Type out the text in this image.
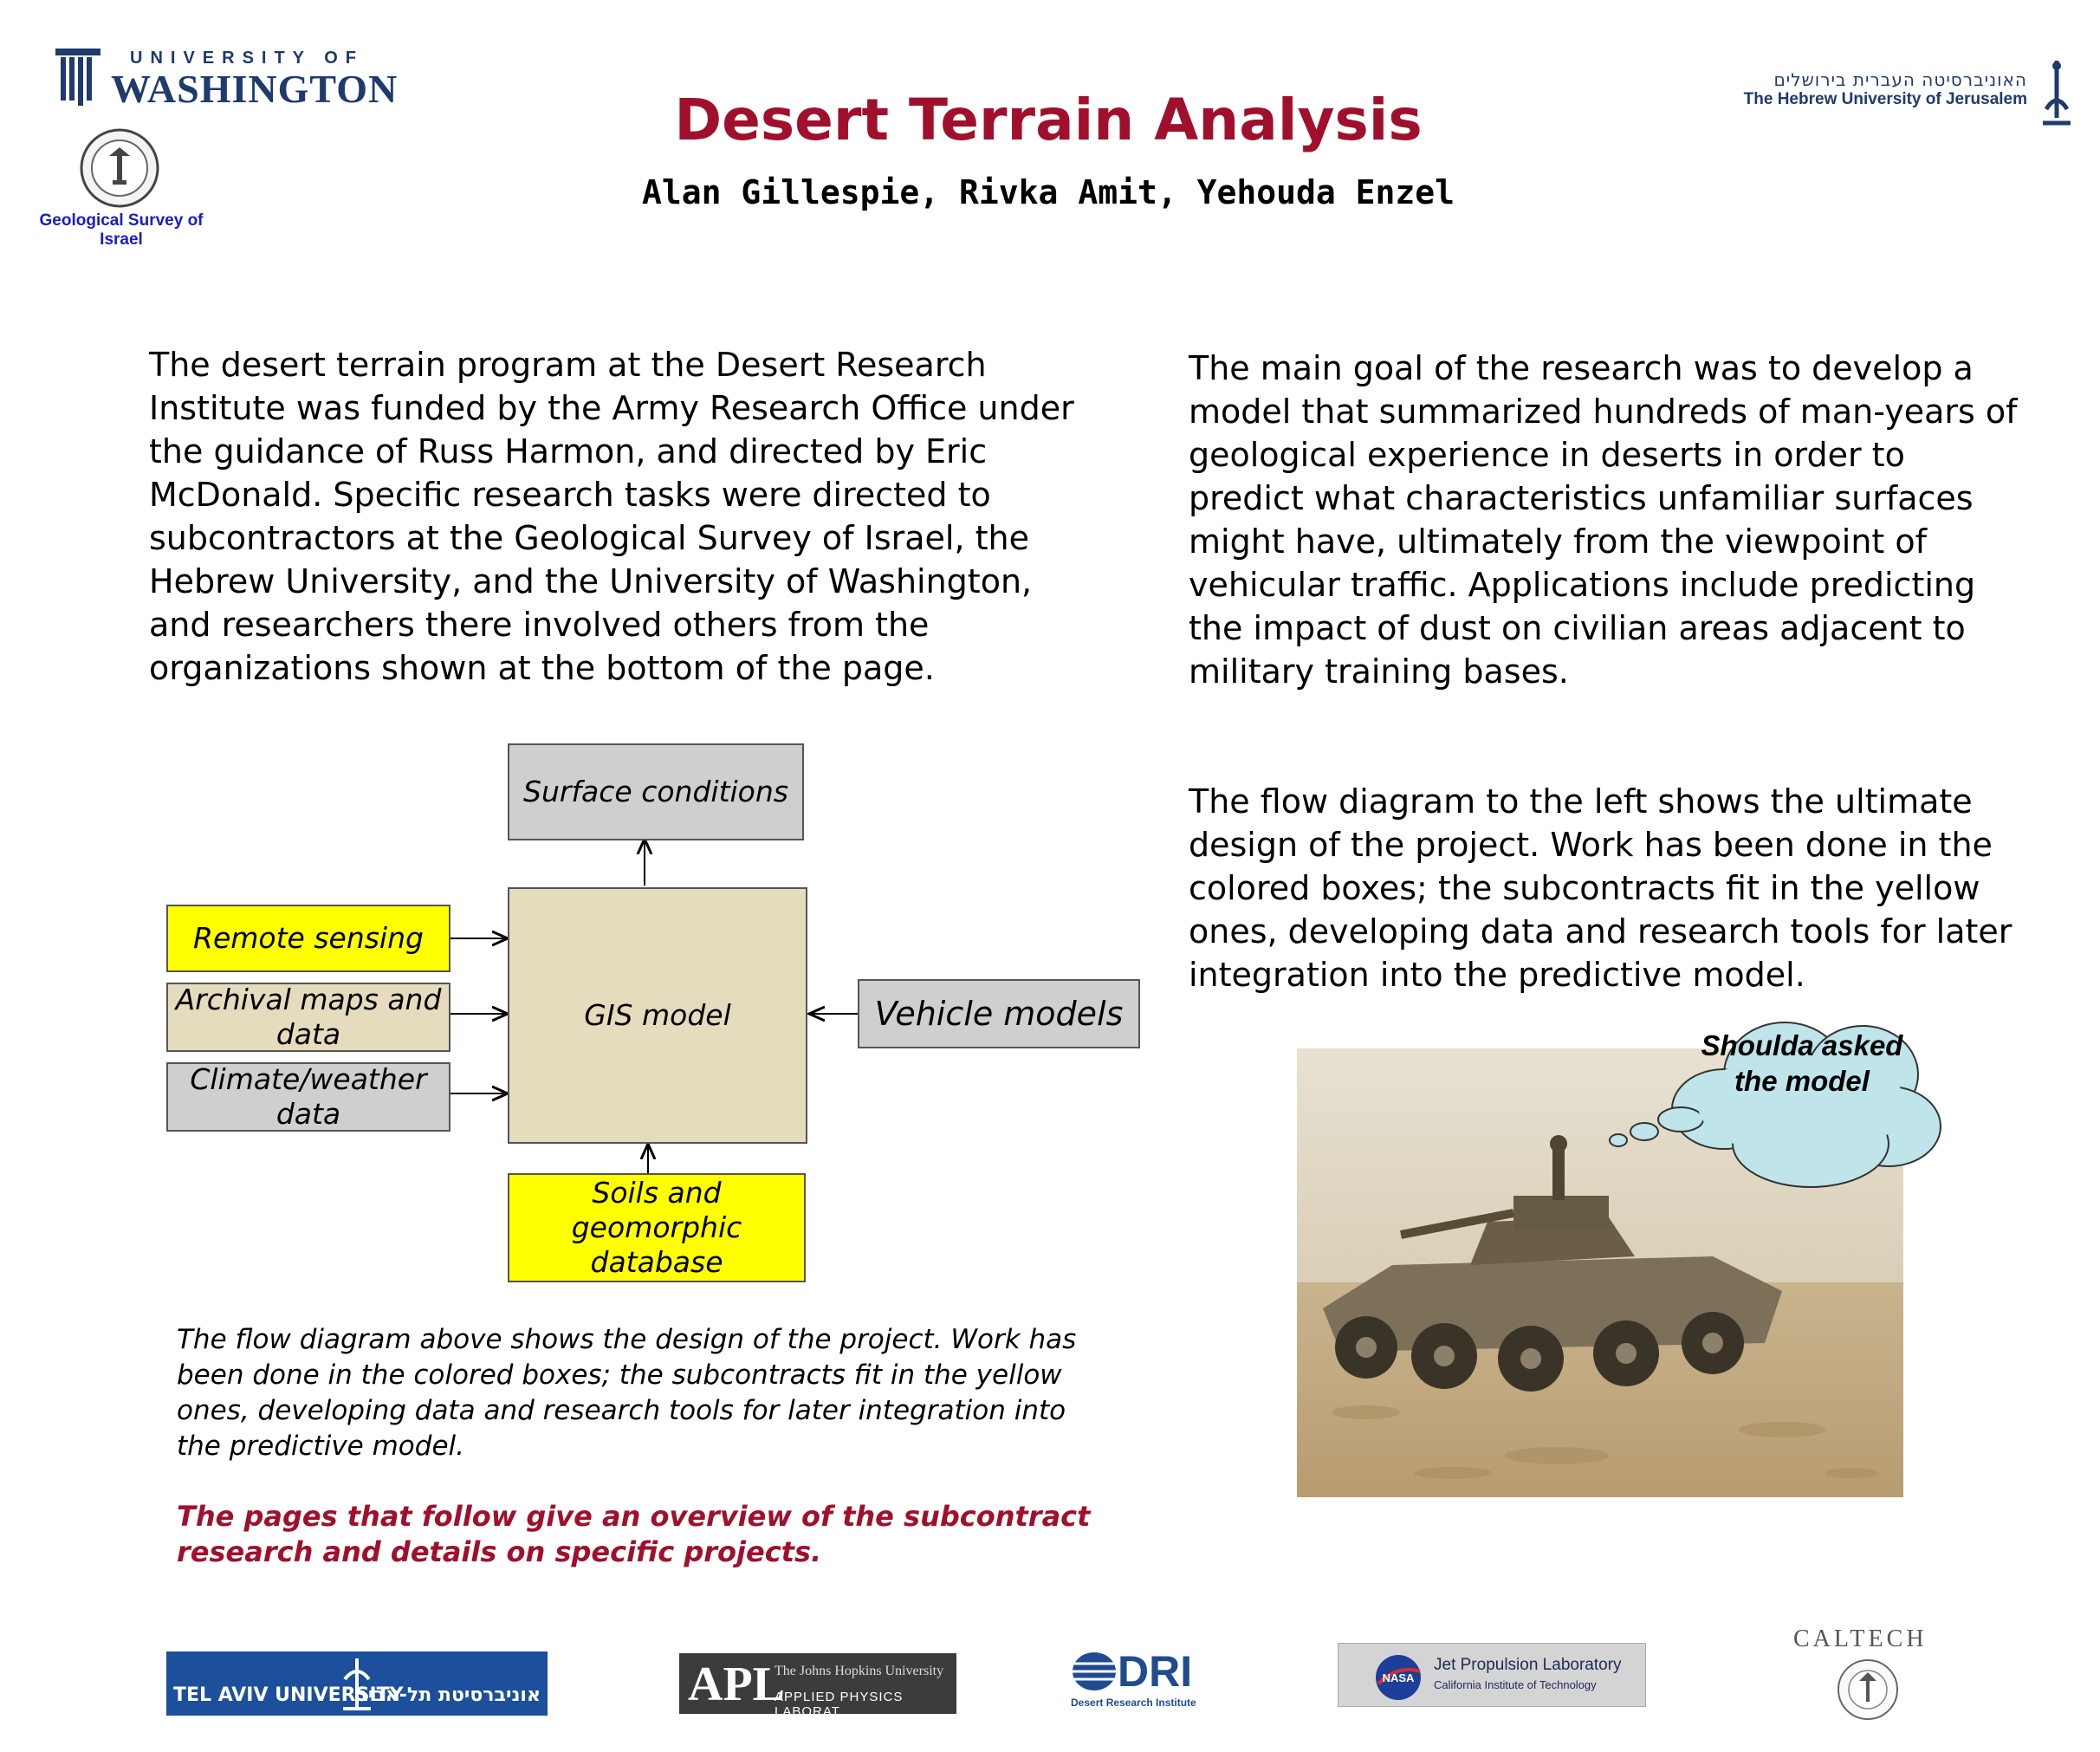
UNIVERSITY OF
WASHINGTON
Geological Survey of Israel
האוניברסיטה העברית בירושלים
The Hebrew University of Jerusalem
Desert Terrain Analysis
Alan Gillespie, Rivka Amit, Yehouda Enzel
The desert terrain program at the Desert Research Institute was funded by the Army Research Office under the guidance of Russ Harmon, and directed by Eric McDonald. Specific research tasks were directed to subcontractors at the Geological Survey of Israel, the Hebrew University, and the University of Washington, and researchers there involved others from the organizations shown at the bottom of the page.
The main goal of the research was to develop a model that summarized hundreds of man-years of geological experience in deserts in order to predict what characteristics unfamiliar surfaces might have, ultimately from the viewpoint of vehicular traffic. Applications include predicting the impact of dust on civilian areas adjacent to military training bases.
The flow diagram to the left shows the ultimate design of the project. Work has been done in the colored boxes; the subcontracts fit in the yellow ones, developing data and research tools for later integration into the predictive model.
Surface conditions
Remote sensing
Archival maps and data
Climate/weather data
GIS model	Vehicle models
Soils and geomorphic database
The flow diagram above shows the design of the project. Work has been done in the colored boxes; the subcontracts fit in the yellow ones, developing data and research tools for later integration into the predictive model.
The pages that follow give an overview of the subcontract research and details on specific projects.
Shoulda asked the model
TEL AVIV UNIVERSITY
אוניברסיטת תל-אביב	APL
The Johns Hopkins University
APPLIED PHYSICS LABORAT
DRI
Desert Research Institute
NASA
Jet Propulsion Laboratory
California Institute of Technology
CALTECH
